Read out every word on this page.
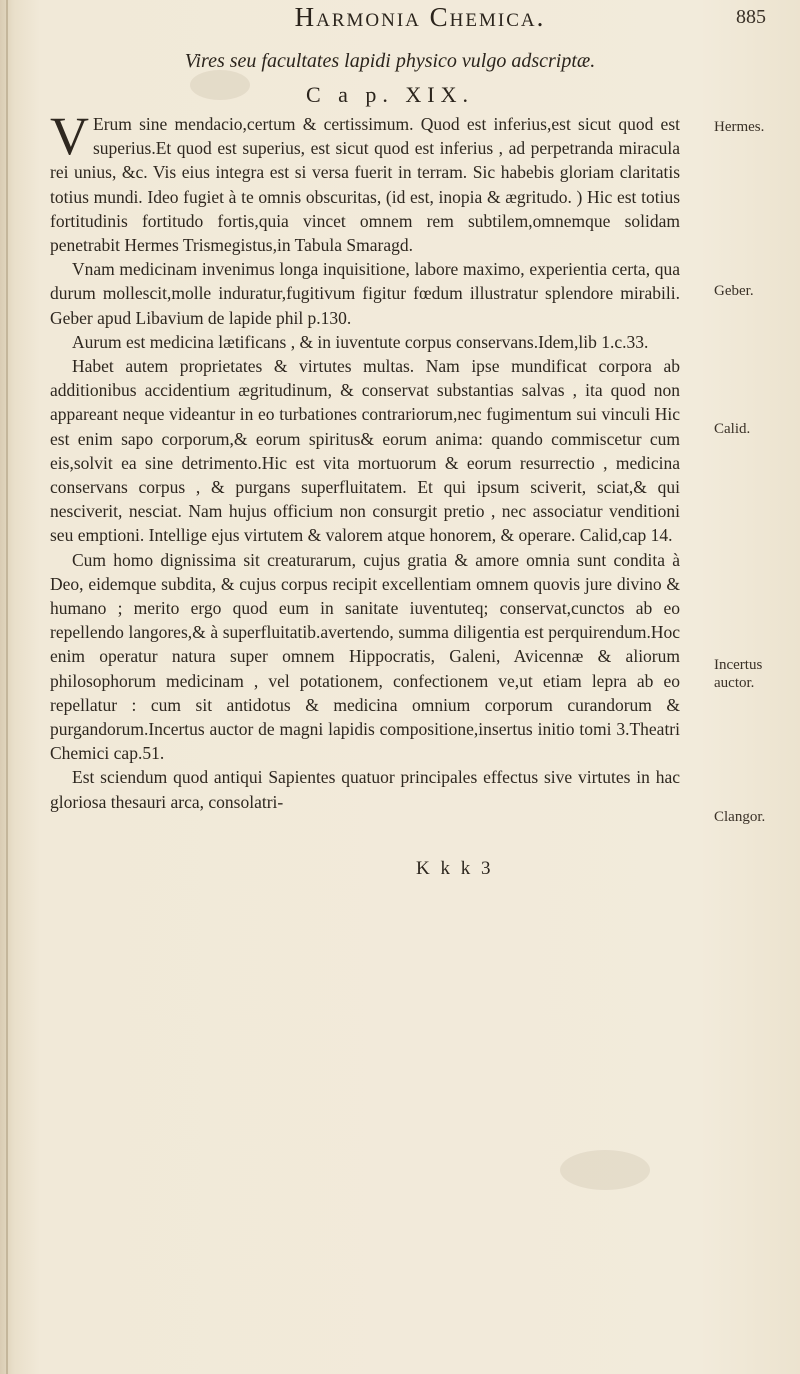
Harmonia Chemica.	885
Vires seu facultates lapidi physico vulgo adscriptæ.
C a p. XIX.

V Erum sine mendacio,certum & certissimum. Quod est inferius,est sicut quod est superius.Et quod est superius, est sicut quod est inferius , ad perpetranda miracula rei unius, &c. Vis eius integra est si versa fuerit in terram. Sic habebis gloriam claritatis totius mundi. Ideo fugiet à te omnis obscuritas, (id est, inopia & ægritudo. ) Hic est totius fortitudinis fortitudo fortis,quia vincet omnem rem subtilem,omnemque solidam penetrabit Hermes Trismegistus,in Tabula Smaragd.

Vnam medicinam invenimus longa inquisitione, labore maximo, experientia certa, qua durum mollescit,molle induratur,fugitivum figitur fœdum illustratur splendore mirabili. Geber apud Libavium de lapide phil p.130.

Aurum est medicina lætificans , & in iuventute corpus conservans.Idem,lib 1.c.33.

Habet autem proprietates & virtutes multas. Nam ipse mundificat corpora ab additionibus accidentium ægritudinum, & conservat substantias salvas , ita quod non appareant neque videantur in eo turbationes contrariorum,nec fugimentum sui vinculi Hic est enim sapo corporum,& eorum spiritus& eorum anima: quando commiscetur cum eis,solvit ea sine detrimento.Hic est vita mortuorum & eorum resurrectio , medicina conservans corpus , & purgans superfluitatem. Et qui ipsum sciverit, sciat,& qui nesciverit, nesciat. Nam hujus officium non consurgit pretio , nec associatur venditioni seu emptioni. Intellige ejus virtutem & valorem atque honorem, & operare. Calid,cap 14.

Cum homo dignissima sit creaturarum, cujus gratia & amore omnia sunt condita à Deo, eidemque subdita, & cujus corpus recipit excellentiam omnem quovis jure divino & humano ; merito ergo quod eum in sanitate iuventuteq; conservat,cunctos ab eo repellendo langores,& à superfluitatib.avertendo, summa diligentia est perquirendum.Hoc enim operatur natura super omnem Hippocratis, Galeni, Avicennæ & aliorum philosophorum medicinam , vel potationem, confectionem ve,ut etiam lepra ab eo repellatur : cum sit antidotus & medicina omnium corporum curandorum & purgandorum.Incertus auctor de magni lapidis compositione,insertus initio tomi 3.Theatri Chemici cap.51.

Est sciendum quod antiqui Sapientes quatuor principales effectus sive virtutes in hac gloriosa thesauri arca, consolatri-

Hermes.
Geber.
Calid.
Incertus auctor.
Clangor.
K k k 3
